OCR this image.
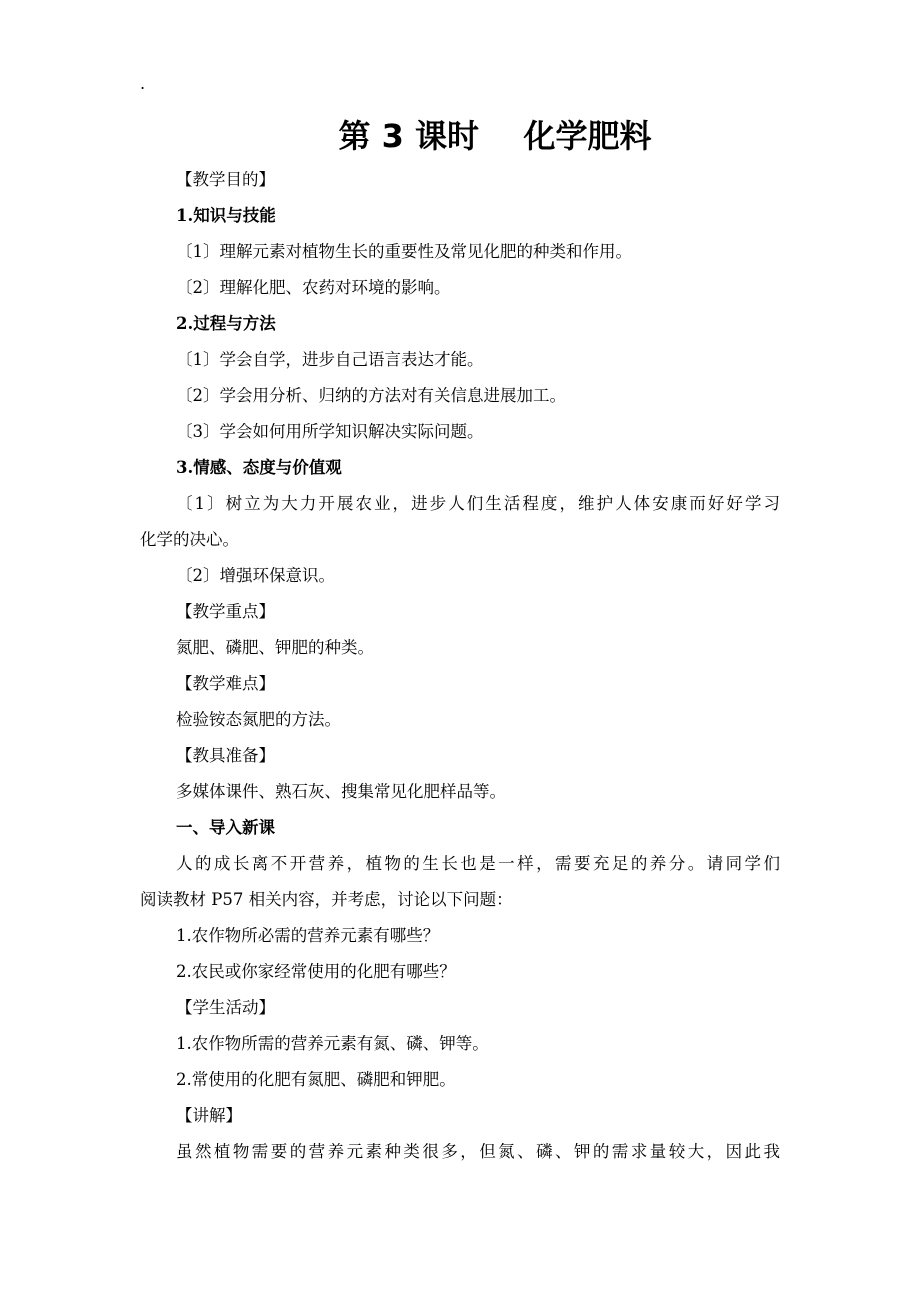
.
第 3 课时    化学肥料
【教学目的】
1.知识与技能
〔1〕理解元素对植物生长的重要性及常见化肥的种类和作用。
〔2〕理解化肥、农药对环境的影响。
2.过程与方法
〔1〕学会自学，进步自己语言表达才能。
〔2〕学会用分析、归纳的方法对有关信息进展加工。
〔3〕学会如何用所学知识解决实际问题。
3.情感、态度与价值观
〔1〕树立为大力开展农业，进步人们生活程度，维护人体安康而好好学习
化学的决心。
〔2〕增强环保意识。
【教学重点】
氮肥、磷肥、钾肥的种类。
【教学难点】
检验铵态氮肥的方法。
【教具准备】
多媒体课件、熟石灰、搜集常见化肥样品等。
一、导入新课
人的成长离不开营养，植物的生长也是一样，需要充足的养分。请同学们
阅读教材 P57 相关内容，并考虑，讨论以下问题：
1.农作物所必需的营养元素有哪些？
2.农民或你家经常使用的化肥有哪些？
【学生活动】
1.农作物所需的营养元素有氮、磷、钾等。
2.常使用的化肥有氮肥、磷肥和钾肥。
【讲解】
虽然植物需要的营养元素种类很多，但氮、磷、钾的需求量较大，因此我
